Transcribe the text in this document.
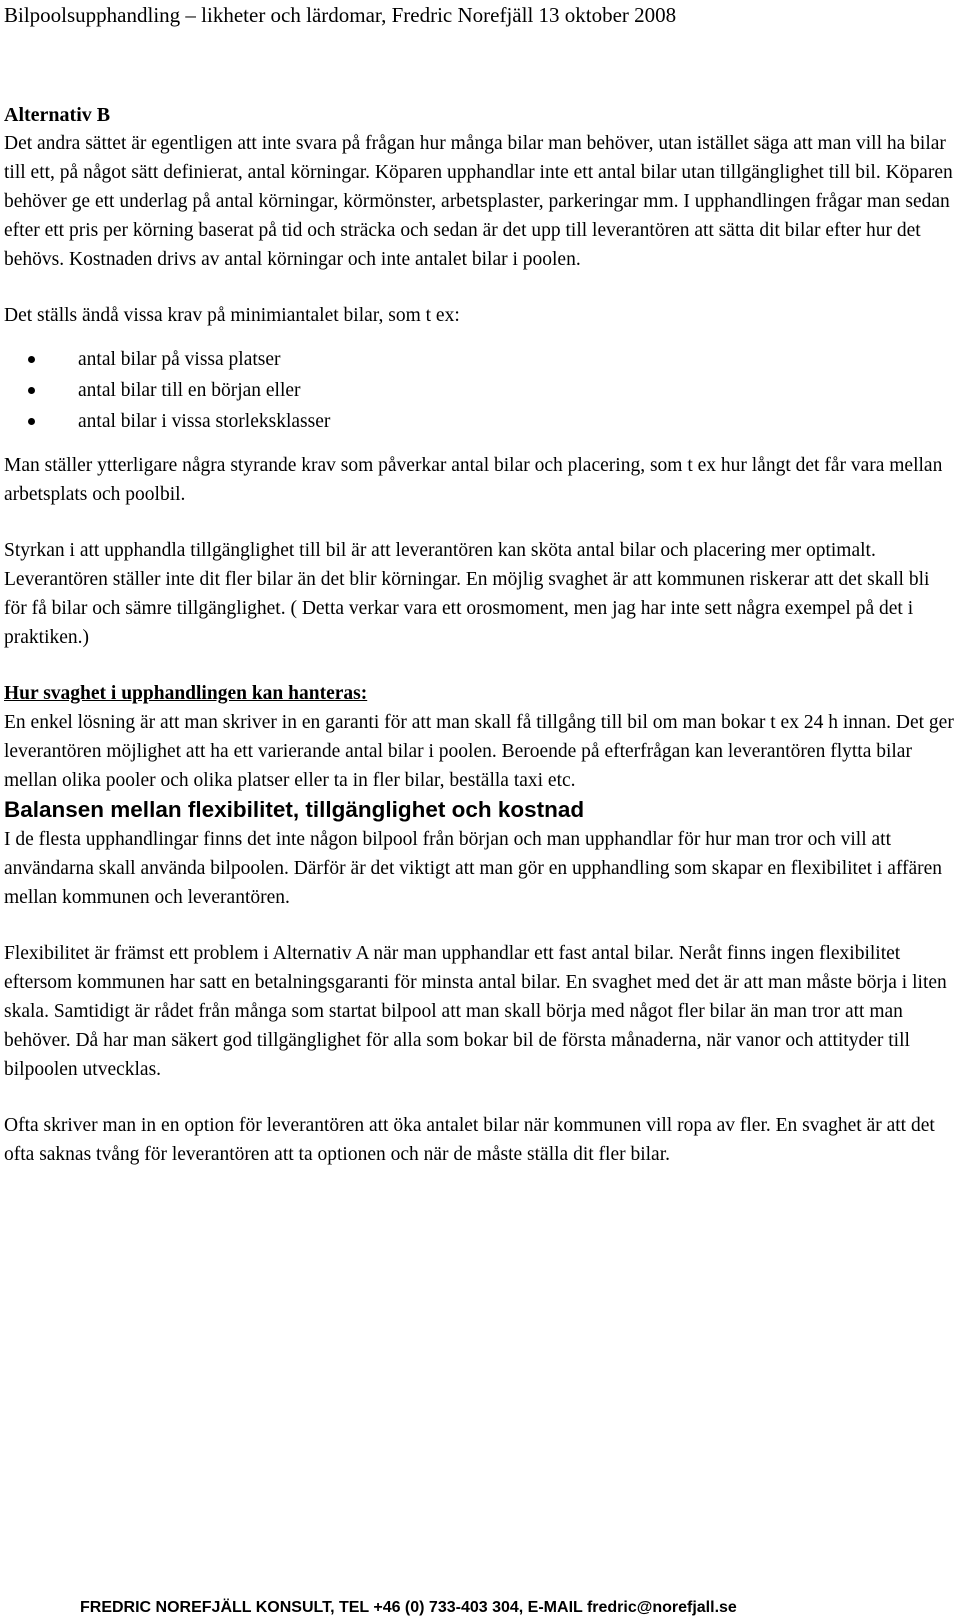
Bilpoolsupphandling – likheter och lärdomar, Fredric Norefjäll 13 oktober 2008

Alternativ B

Det andra sättet är egentligen att inte svara på frågan hur många bilar man behöver, utan istället säga att man vill ha bilar till ett, på något sätt definierat, antal körningar. Köparen upphandlar inte ett antal bilar utan tillgänglighet till bil. Köparen behöver ge ett underlag på antal körningar, körmönster, arbetsplaster, parkeringar mm. I upphandlingen frågar man sedan efter ett pris per körning baserat på tid och sträcka och sedan är det upp till leverantören att sätta dit bilar efter hur det behövs. Kostnaden drivs av antal körningar och inte antalet bilar i poolen.

Det ställs ändå vissa krav på minimiantalet bilar, som t ex:

antal bilar på vissa platser
antal bilar till en början eller
antal bilar i vissa storleksklasser

Man ställer ytterligare några styrande krav som påverkar antal bilar och placering, som t ex hur långt det får vara mellan arbetsplats och poolbil.

Styrkan i att upphandla tillgänglighet till bil är att leverantören kan sköta antal bilar och placering mer optimalt. Leverantören ställer inte dit fler bilar än det blir körningar. En möjlig svaghet är att kommunen riskerar att det skall bli för få bilar och sämre tillgänglighet. ( Detta verkar vara ett orosmoment, men jag har inte sett några exempel på det i praktiken.)

Hur svaghet i upphandlingen kan hanteras:

En enkel lösning är att man skriver in en garanti för att man skall få tillgång till bil om man bokar t ex 24 h innan. Det ger leverantören möjlighet att ha ett varierande antal bilar i poolen. Beroende på efterfrågan kan leverantören flytta bilar mellan olika pooler och olika platser eller ta in fler bilar, beställa taxi etc.

Balansen mellan flexibilitet, tillgänglighet och kostnad

I de flesta upphandlingar finns det inte någon bilpool från början och man upphandlar för hur man tror och vill att användarna skall använda bilpoolen. Därför är det viktigt att man gör en upphandling som skapar en flexibilitet i affären mellan kommunen och leverantören.

Flexibilitet är främst ett problem i Alternativ A när man upphandlar ett fast antal bilar. Neråt finns ingen flexibilitet eftersom kommunen har satt en betalningsgaranti för minsta antal bilar. En svaghet med det är att man måste börja i liten skala. Samtidigt är rådet från många som startat bilpool att man skall börja med något fler bilar än man tror att man behöver. Då har man säkert god tillgänglighet för alla som bokar bil de första månaderna, när vanor och attityder till bilpoolen utvecklas.

Ofta skriver man in en option för leverantören att öka antalet bilar när kommunen vill ropa av fler. En svaghet är att det ofta saknas tvång för leverantören att ta optionen och när de måste ställa dit fler bilar.

FREDRIC NOREFJÄLL KONSULT, TEL +46 (0) 733-403 304, E-MAIL fredric@norefjall.se
